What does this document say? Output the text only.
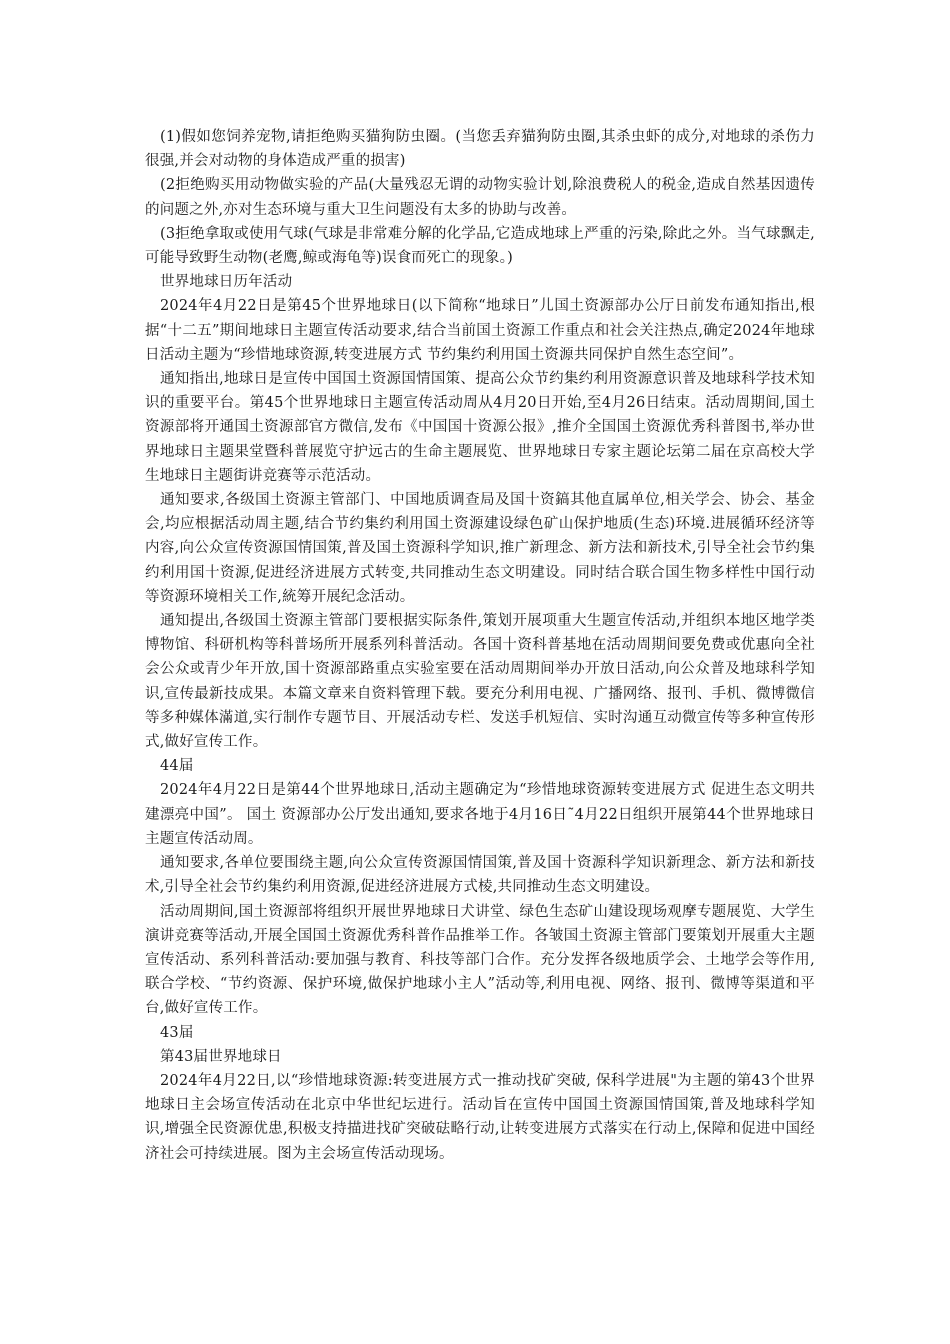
(1)假如您饲养宠物,请拒绝购买猫狗防虫圈。(当您丢弃猫狗防虫圈,其杀虫虾的成分,对地球的杀伤力很强,并会对动物的身体造成严重的损害)

(2拒绝购买用动物做实验的产品(大量残忍无谓的动物实验计划,除浪费税人的税金,造成自然基因遗传的问题之外,亦对生态环境与重大卫生问题没有太多的协助与改善。

(3拒绝拿取或使用气球(气球是非常难分解的化学品,它造成地球上严重的污染,除此之外。当气球飘走,可能导致野生动物(老鹰,鲸或海龟等)误食而死亡的现象。)

世界地球日历年活动

2024年4月22日是第45个世界地球日(以下简称“地球日”儿国土资源部办公厅日前发布通知指出,根据“十二五”期间地球日主题宣传活动要求,结合当前国土资源工作重点和社会关注热点,确定2024年地球日活动主题为“珍惜地球资源,转变进展方式 节约集约利用国土资源共同保护自然生态空间”。

通知指出,地球日是宣传中国国土资源国情国策、提高公众节约集约利用资源意识普及地球科学技术知识的重要平台。第45个世界地球日主题宣传活动周从4月20日开始,至4月26日结束。活动周期间,国土资源部将开通国土资源部官方微信,发布《中国国十资源公报》,推介全国国土资源优秀科普图书,举办世界地球日主题果堂暨科普展览守护远古的生命主题展览、世界地球日专家主题论坛第二届在京高校大学生地球日主题街讲竞赛等示范活动。

通知要求,各级国土资源主管部门、中国地质调查局及国十资鎬其他直属单位,相关学会、协会、基金会,均应根据活动周主题,结合节约集约利用国土资源建设绿色矿山保护地质(生态)环境.进展循环经济等内容,向公众宣传资源国情国策,普及国土资源科学知识,推广新理念、新方法和新技术,引导全社会节约集约利用国十资源,促进经济进展方式转变,共同推动生态文明建设。同时结合联合国生物多样性中国行动等资源环境相关工作,統筹开展纪念活动。

通知提出,各级国土资源主管部门要根据实际条件,策划开展项重大生题宣传活动,并组织本地区地学类博物馆、科研机构等科普场所开展系列科普活动。各国十资科普基地在活动周期间要免费或优惠向全社会公众或青少年开放,国十资源部路重点实验室要在活动周期间举办开放日活动,向公众普及地球科学知识,宣传最新技成果。本篇文章来自资料管理下载。要充分利用电视、广播网络、报刊、手机、微博微信等多种媒体滿道,实行制作专题节目、开展活动专栏、发送手机短信、实时沟通互动微宣传等多种宣传形式,做好宣传工作。

44届

2024年4月22日是第44个世界地球日,活动主题确定为“珍惜地球资源转变进展方式 促进生态文明共建漂亮中国”。 国土 资源部办公厅发出通知,要求各地于4月16日˜4月22日组织开展第44个世界地球日主题宣传活动周。

通知要求,各单位要围绕主题,向公众宣传资源国情国策,普及国十资源科学知识新理念、新方法和新技术,引导全社会节约集约利用资源,促进经济进展方式棱,共同推动生态文明建设。

活动周期间,国土资源部将组织开展世界地球日犬讲堂、绿色生态矿山建设现场观摩专题展览、大学生演讲竞赛等活动,开展全国国土资源优秀科普作品推举工作。各皱国土资源主管部门要策划开展重大主题宣传活动、系列科普活动:要加强与教育、科技等部门合作。充分发挥各级地质学会、土地学会等作用,联合学校、“节约资源、保护环境,做保护地球小主人”活动等,利用电视、网络、报刊、微博等渠道和平台,做好宣传工作。

43届

第43届世界地球日

2024年4月22日,以“珍惜地球资源:转变进展方式一推动找矿突破, 保科学进展"为主题的第43个世界地球日主会场宣传活动在北京中华世纪坛进行。活动旨在宣传中国国土资源国情国策,普及地球科学知识,增强全民资源优患,积极支持描进找矿突破砝略行动,让转变进展方式落实在行动上,保障和促进中国经济社会可持续进展。图为主会场宣传活动现场。
